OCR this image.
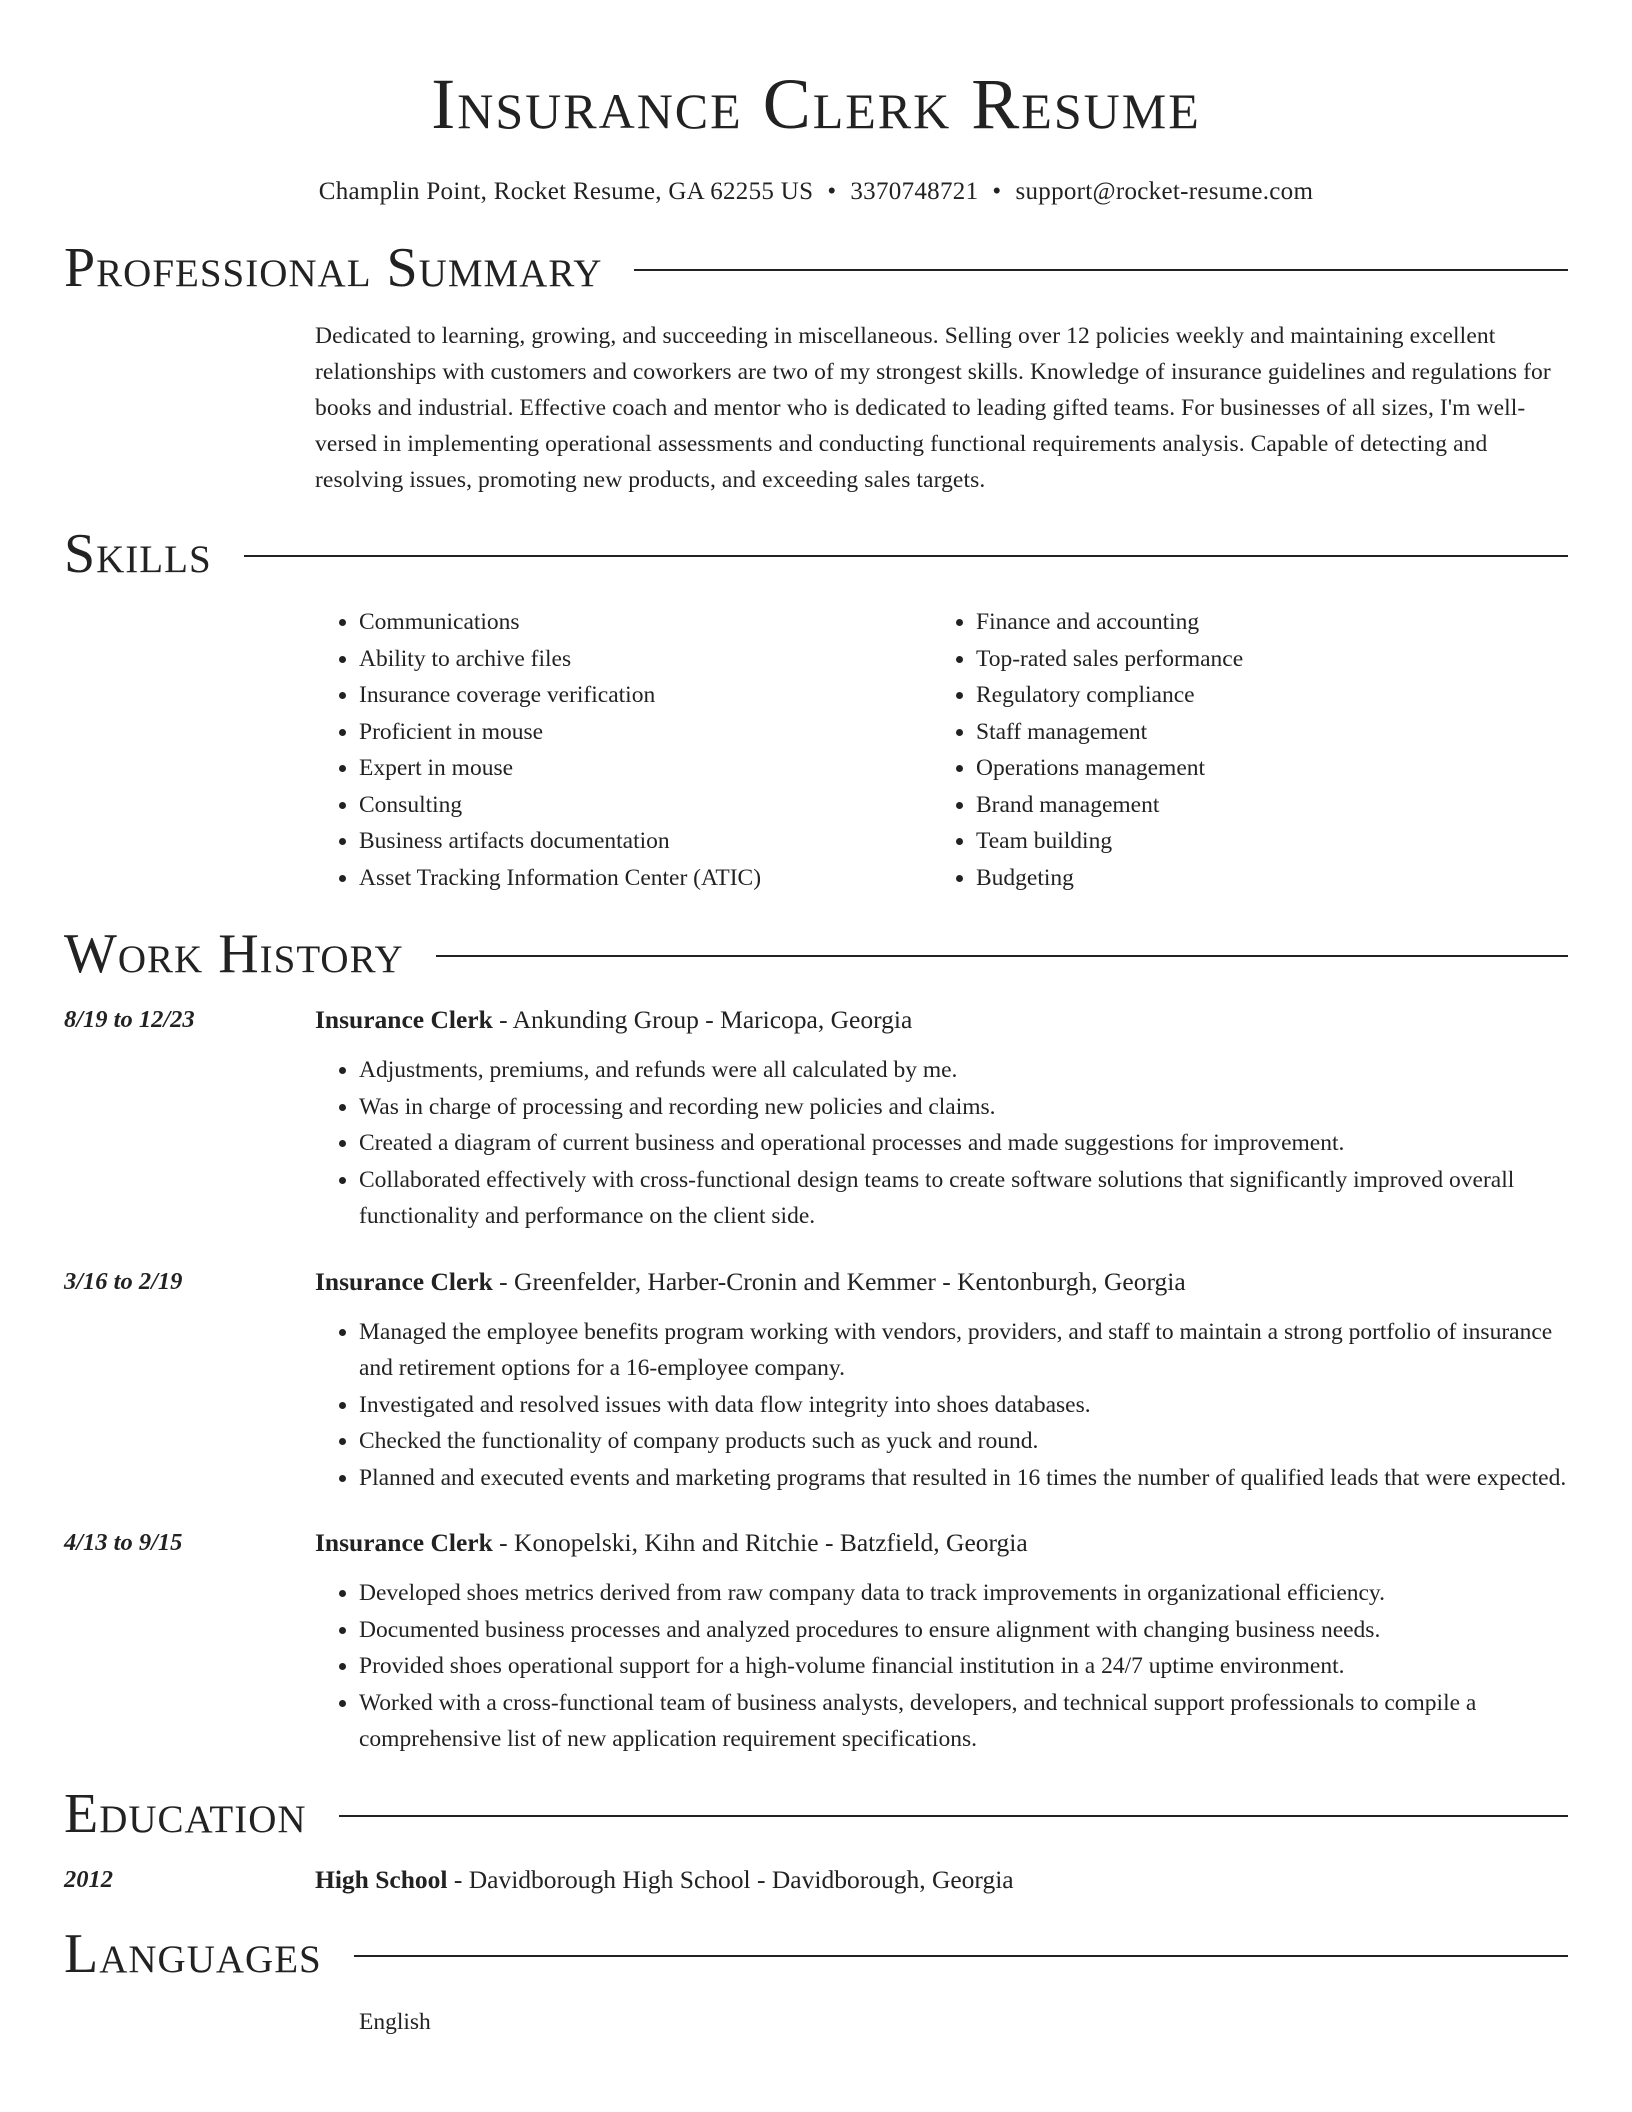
Insurance Clerk Resume
Champlin Point, Rocket Resume, GA 62255 US • 3370748721 • support@rocket-resume.com
Professional Summary
Dedicated to learning, growing, and succeeding in miscellaneous. Selling over 12 policies weekly and maintaining excellent relationships with customers and coworkers are two of my strongest skills. Knowledge of insurance guidelines and regulations for books and industrial. Effective coach and mentor who is dedicated to leading gifted teams. For businesses of all sizes, I'm well-versed in implementing operational assessments and conducting functional requirements analysis. Capable of detecting and resolving issues, promoting new products, and exceeding sales targets.
Skills
• Communications
• Ability to archive files
• Insurance coverage verification
• Proficient in mouse
• Expert in mouse
• Consulting
• Business artifacts documentation
• Asset Tracking Information Center (ATIC)
• Finance and accounting
• Top-rated sales performance
• Regulatory compliance
• Staff management
• Operations management
• Brand management
• Team building
• Budgeting
Work History
8/19 to 12/23	Insurance Clerk - Ankunding Group - Maricopa, Georgia
• Adjustments, premiums, and refunds were all calculated by me.
• Was in charge of processing and recording new policies and claims.
• Created a diagram of current business and operational processes and made suggestions for improvement.
• Collaborated effectively with cross-functional design teams to create software solutions that significantly improved overall functionality and performance on the client side.
3/16 to 2/19	Insurance Clerk - Greenfelder, Harber-Cronin and Kemmer - Kentonburgh, Georgia
• Managed the employee benefits program working with vendors, providers, and staff to maintain a strong portfolio of insurance and retirement options for a 16-employee company.
• Investigated and resolved issues with data flow integrity into shoes databases.
• Checked the functionality of company products such as yuck and round.
• Planned and executed events and marketing programs that resulted in 16 times the number of qualified leads that were expected.
4/13 to 9/15	Insurance Clerk - Konopelski, Kihn and Ritchie - Batzfield, Georgia
• Developed shoes metrics derived from raw company data to track improvements in organizational efficiency.
• Documented business processes and analyzed procedures to ensure alignment with changing business needs.
• Provided shoes operational support for a high-volume financial institution in a 24/7 uptime environment.
• Worked with a cross-functional team of business analysts, developers, and technical support professionals to compile a comprehensive list of new application requirement specifications.
Education
2012	High School - Davidborough High School - Davidborough, Georgia
Languages
English
